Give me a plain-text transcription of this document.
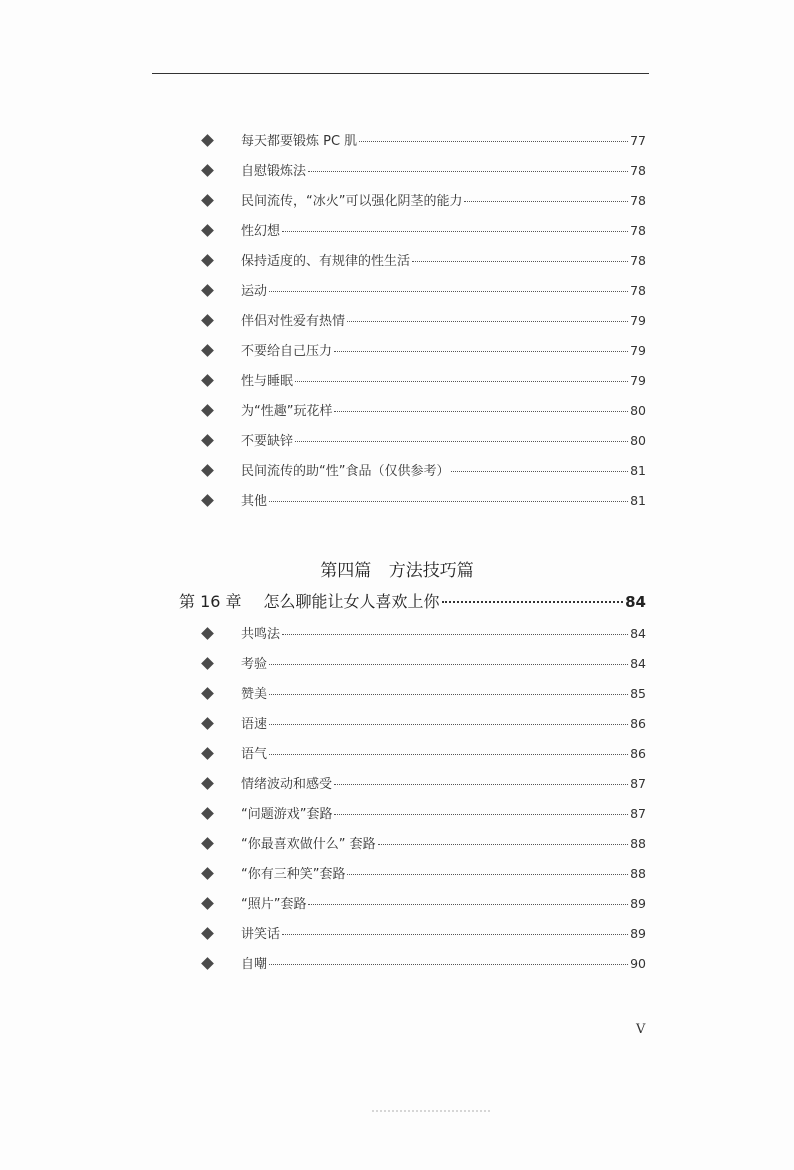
每天都要锻炼 PC 肌	77
自慰锻炼法	78
民间流传，“冰火”可以强化阴茎的能力	78
性幻想	78
保持适度的、有规律的性生活	78
运动	78
伴侣对性爱有热情	79
不要给自己压力	79
性与睡眠	79
为“性趣”玩花样	80
不要缺锌	80
民间流传的助“性”食品（仅供参考）	81
其他	81
第四篇 方法技巧篇
第 16 章 怎么聊能让女人喜欢上你	84
共鸣法	84
考验	84
赞美	85
语速	86
语气	86
情绪波动和感受	87
“问题游戏”套路	87
“你最喜欢做什么” 套路	88
“你有三种笑”套路	88
“照片”套路	89
讲笑话	89
自嘲	90
V
